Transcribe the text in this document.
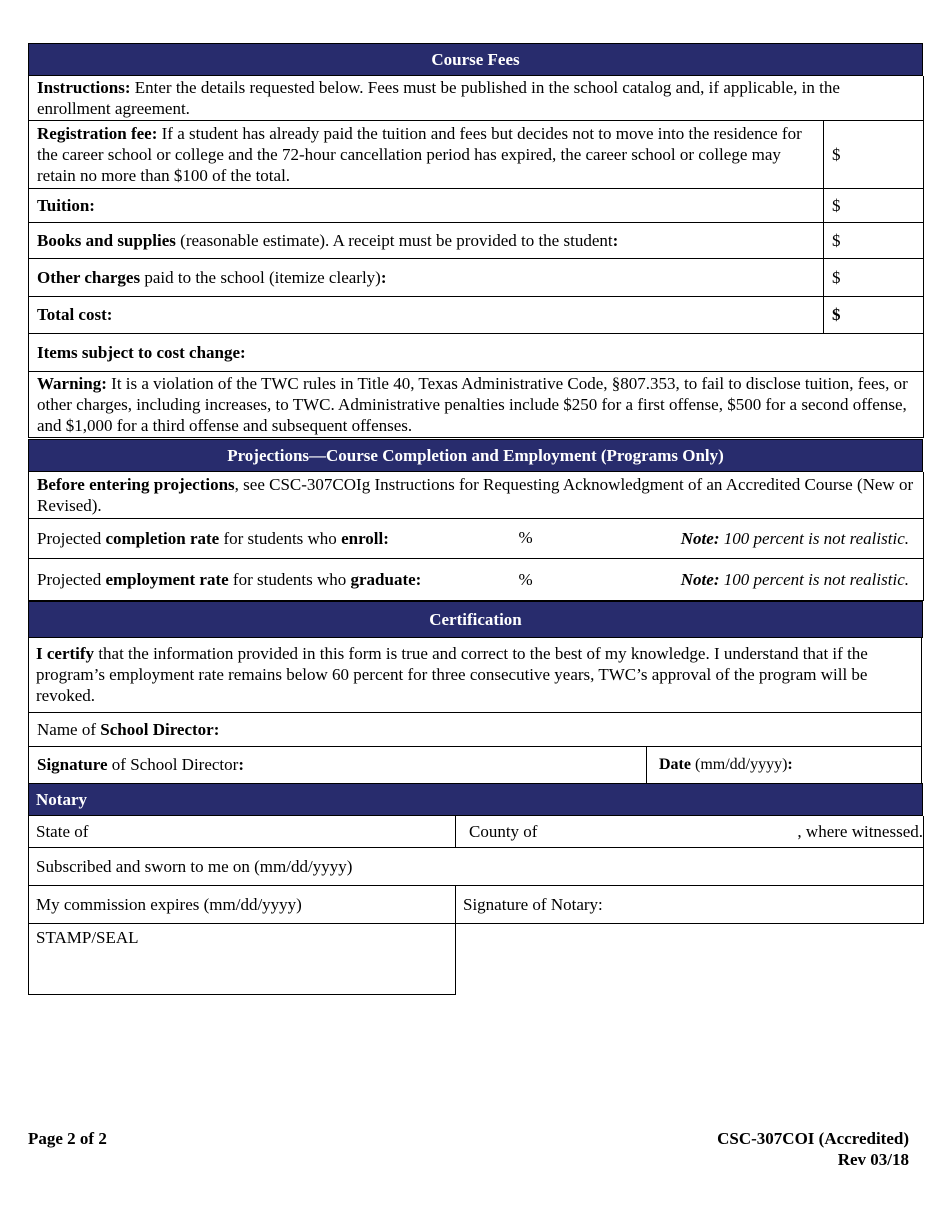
Course Fees
Instructions: Enter the details requested below. Fees must be published in the school catalog and, if applicable, in the enrollment agreement.	
Registration fee: If a student has already paid the tuition and fees but decides not to move into the residence for the career school or college and the 72-hour cancellation period has expired, the career school or college may retain no more than $100 of the total.	$
Tuition:	$
Books and supplies (reasonable estimate). A receipt must be provided to the student:	$
Other charges paid to the school (itemize clearly):	$
Total cost:	$
Items subject to cost change:	
Warning: It is a violation of the TWC rules in Title 40, Texas Administrative Code, §807.353, to fail to disclose tuition, fees, or other charges, including increases, to TWC. Administrative penalties include $250 for a first offense, $500 for a second offense, and $1,000 for a third offense and subsequent offenses.	
Projections—Course Completion and Employment (Programs Only)
Before entering projections, see CSC-307COIg Instructions for Requesting Acknowledgment of an Accredited Course (New or Revised).		
Projected completion rate for students who enroll:	%	Note: 100 percent is not realistic.
Projected employment rate for students who graduate:	%	Note: 100 percent is not realistic.
Certification
I certify that the information provided in this form is true and correct to the best of my knowledge. I understand that if the program’s employment rate remains below 60 percent for three consecutive years, TWC’s approval of the program will be revoked.
Name of School Director:
Signature of School Director:	Date (mm/dd/yyyy):
Notary
State of	County of , where witnessed.

Subscribed and sworn to me on (mm/dd/yyyy)	
My commission expires (mm/dd/yyyy)	Signature of Notary:
STAMP/SEAL	
Page 2 of 2	CSC-307COI (Accredited)
Rev 03/18
